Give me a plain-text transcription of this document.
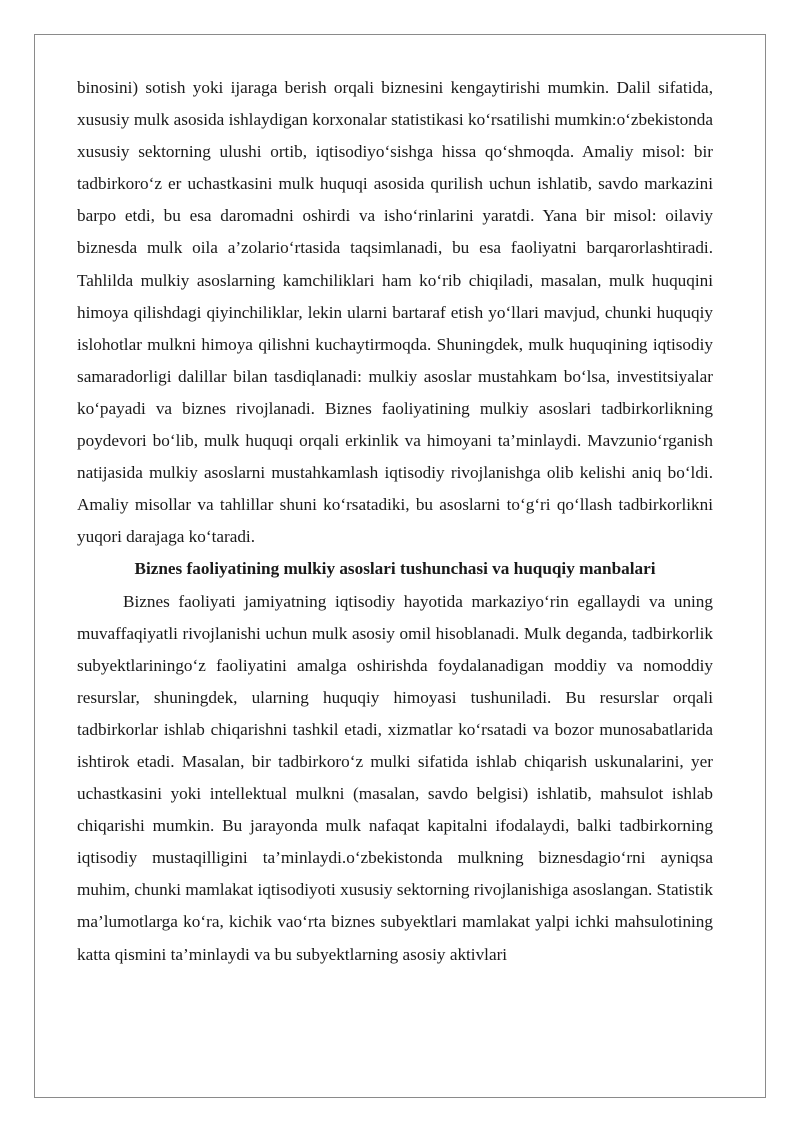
binosini) sotish yoki ijaraga berish orqali biznesini kengaytirishi mumkin. Dalil sifatida, xususiy mulk asosida ishlaydigan korxonalar statistikasi ko‘rsatilishi mumkin:o‘zbekistonda xususiy sektorning ulushi ortib, iqtisodiyo‘sishga hissa qo‘shmoqda. Amaliy misol: bir tadbirkoro‘z er uchastkasini mulk huquqi asosida qurilish uchun ishlatib, savdo markazini barpo etdi, bu esa daromadni oshirdi va isho‘rinlarini yaratdi. Yana bir misol: oilaviy biznesda mulk oila a’zolario‘rtasida taqsimlanadi, bu esa faoliyatni barqarorlashtiradi. Tahlilda mulkiy asoslarning kamchiliklari ham ko‘rib chiqiladi, masalan, mulk huquqini himoya qilishdagi qiyinchiliklar, lekin ularni bartaraf etish yo‘llari mavjud, chunki huquqiy islohotlar mulkni himoya qilishni kuchaytirmoqda. Shuningdek, mulk huquqining iqtisodiy samaradorligi dalillar bilan tasdiqlanadi: mulkiy asoslar mustahkam bo‘lsa, investitsiyalar ko‘payadi va biznes rivojlanadi. Biznes faoliyatining mulkiy asoslari tadbirkorlikning poydevori bo‘lib, mulk huquqi orqali erkinlik va himoyani ta’minlaydi. Mavzunio‘rganish natijasida mulkiy asoslarni mustahkamlash iqtisodiy rivojlanishga olib kelishi aniq bo‘ldi. Amaliy misollar va tahlillar shuni ko‘rsatadiki, bu asoslarni to‘g‘ri qo‘llash tadbirkorlikni yuqori darajaga ko‘taradi.

Biznes faoliyatining mulkiy asoslari tushunchasi va huquqiy manbalari

Biznes faoliyati jamiyatning iqtisodiy hayotida markaziyo‘rin egallaydi va uning muvaffaqiyatli rivojlanishi uchun mulk asosiy omil hisoblanadi. Mulk deganda, tadbirkorlik subyektlariningo‘z faoliyatini amalga oshirishda foydalanadigan moddiy va nomoddiy resurslar, shuningdek, ularning huquqiy himoyasi tushuniladi. Bu resurslar orqali tadbirkorlar ishlab chiqarishni tashkil etadi, xizmatlar ko‘rsatadi va bozor munosabatlarida ishtirok etadi. Masalan, bir tadbirkoro‘z mulki sifatida ishlab chiqarish uskunalarini, yer uchastkasini yoki intellektual mulkni (masalan, savdo belgisi) ishlatib, mahsulot ishlab chiqarishi mumkin. Bu jarayonda mulk nafaqat kapitalni ifodalaydi, balki tadbirkorning iqtisodiy mustaqilligini ta’minlaydi.o‘zbekistonda mulkning biznesdagio‘rni ayniqsa muhim, chunki mamlakat iqtisodiyoti xususiy sektorning rivojlanishiga asoslangan. Statistik ma’lumotlarga ko‘ra, kichik vao‘rta biznes subyektlari mamlakat yalpi ichki mahsulotining katta qismini ta’minlaydi va bu subyektlarning asosiy aktivlari
